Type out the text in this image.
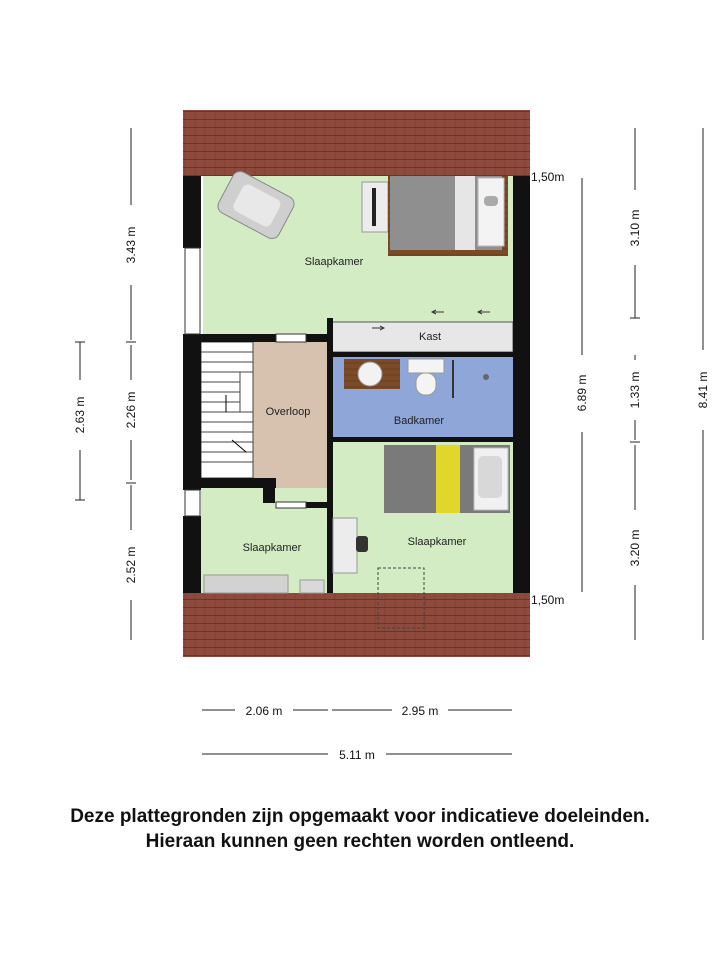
Slaapkamer
Kast
Overloop
Badkamer
Slaapkamer	Slaapkamer
2.63 m
3.43 m
2.26 m
2.52 m
6.89 m
3.10 m
1.33 m
3.20 m
8.41 m
1,50m
1,50m
2.06 m	2.95 m
5.11 m
Deze plattegronden zijn opgemaakt voor indicatieve doeleinden.
Hieraan kunnen geen rechten worden ontleend.
